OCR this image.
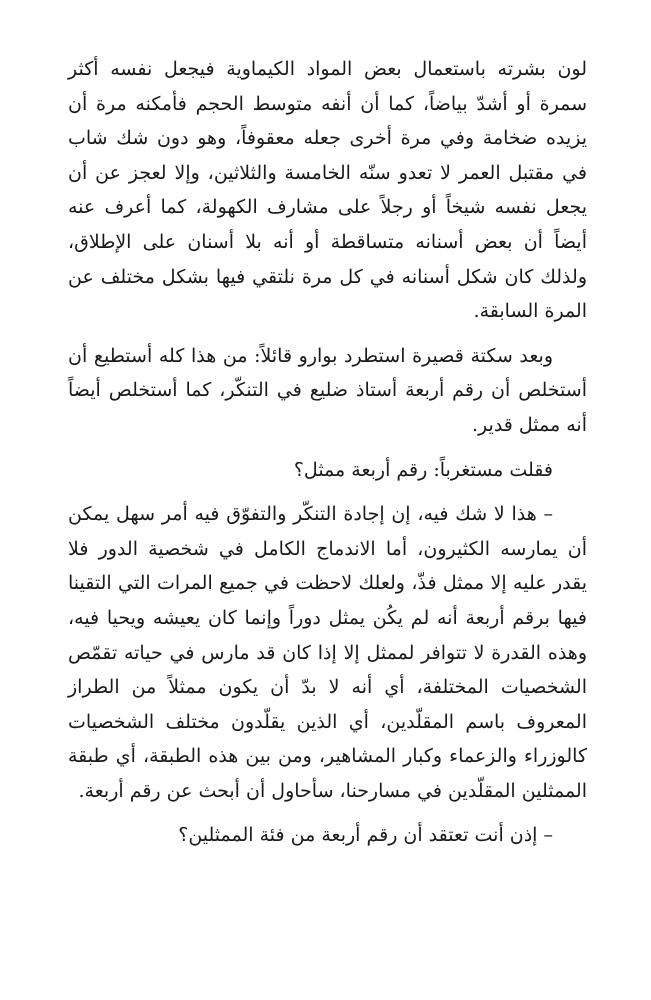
لون بشرته باستعمال بعض المواد الكيماوية فيجعل نفسه أكثر سمرة أو أشدّ بياضاً، كما أن أنفه متوسط الحجم فأمكنه مرة أن يزيده ضخامة وفي مرة أخرى جعله معقوفاً، وهو دون شك شاب في مقتبل العمر لا تعدو سنّه الخامسة والثلاثين، وإلا لعجز عن أن يجعل نفسه شيخاً أو رجلاً على مشارف الكهولة، كما أعرف عنه أيضاً أن بعض أسنانه متساقطة أو أنه بلا أسنان على الإطلاق، ولذلك كان شكل أسنانه في كل مرة نلتقي فيها بشكل مختلف عن المرة السابقة.

وبعد سكتة قصيرة استطرد بوارو قائلاً: من هذا كله أستطيع أن أستخلص أن رقم أربعة أستاذ ضليع في التنكّر، كما أستخلص أيضاً أنه ممثل قدير.

فقلت مستغرباً: رقم أربعة ممثل؟

– هذا لا شك فيه، إن إجادة التنكّر والتفوّق فيه أمر سهل يمكن أن يمارسه الكثيرون، أما الاندماج الكامل في شخصية الدور فلا يقدر عليه إلا ممثل فذّ، ولعلك لاحظت في جميع المرات التي التقينا فيها برقم أربعة أنه لم يكُن يمثل دوراً وإنما كان يعيشه ويحيا فيه، وهذه القدرة لا تتوافر لممثل إلا إذا كان قد مارس في حياته تقمّص الشخصيات المختلفة، أي أنه لا بدّ أن يكون ممثلاً من الطراز المعروف باسم المقلّدين، أي الذين يقلّدون مختلف الشخصيات كالوزراء والزعماء وكبار المشاهير، ومن بين هذه الطبقة، أي طبقة الممثلين المقلّدين في مسارحنا، سأحاول أن أبحث عن رقم أربعة.

– إذن أنت تعتقد أن رقم أربعة من فئة الممثلين؟
